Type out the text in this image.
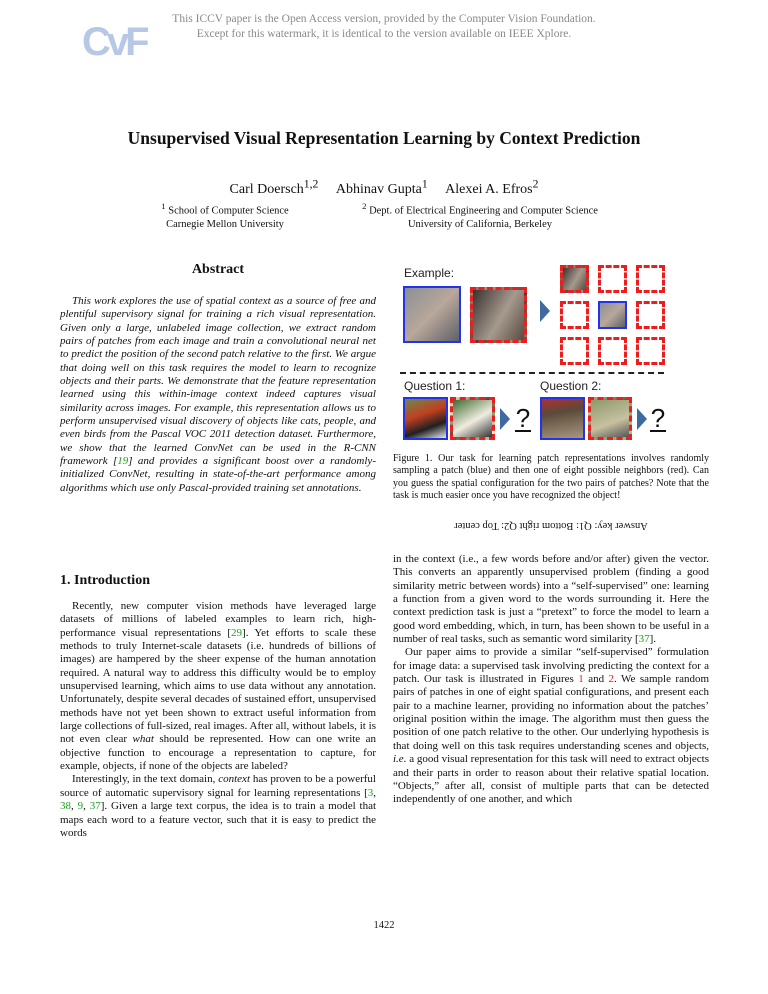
CvF
This ICCV paper is the Open Access version, provided by the Computer Vision Foundation.
Except for this watermark, it is identical to the version available on IEEE Xplore.
Unsupervised Visual Representation Learning by Context Prediction
Carl Doersch$^{1,2}$ Abhinav Gupta$^1$ Alexei A. Efros$^2$
$^1$ School of Computer Science
Carnegie Mellon University
$^2$ Dept. of Electrical Engineering and Computer Science
University of California, Berkeley
Abstract

This work explores the use of spatial context as a source of free and plentiful supervisory signal for training a rich visual representation. Given only a large, unlabeled image collection, we extract random pairs of patches from each image and train a convolutional neural net to predict the position of the second patch relative to the first. We argue that doing well on this task requires the model to learn to recognize objects and their parts. We demonstrate that the feature representation learned using this within-image context indeed captures visual similarity across images. For example, this representation allows us to perform unsupervised visual discovery of objects like cats, people, and even birds from the Pascal VOC 2011 detection dataset. Furthermore, we show that the learned ConvNet can be used in the R-CNN framework [19] and provides a significant boost over a randomly-initialized ConvNet, resulting in state-of-the-art performance among algorithms which use only Pascal-provided training set annotations.

1. Introduction

Recently, new computer vision methods have leveraged large datasets of millions of labeled examples to learn rich, high-performance visual representations [29]. Yet efforts to scale these methods to truly Internet-scale datasets (i.e. hundreds of billions of images) are hampered by the sheer expense of the human annotation required. A natural way to address this difficulty would be to employ unsupervised learning, which aims to use data without any annotation. Unfortunately, despite several decades of sustained effort, unsupervised methods have not yet been shown to extract useful information from large collections of full-sized, real images. After all, without labels, it is not even clear what should be represented. How can one write an objective function to encourage a representation to capture, for example, objects, if none of the objects are labeled?

Interestingly, in the text domain, context has proven to be a powerful source of automatic supervisory signal for learning representations [3, 38, 9, 37]. Given a large text corpus, the idea is to train a model that maps each word to a feature vector, such that it is easy to predict the words

Example:
Question 1:	Question 2:
?	?
Figure 1. Our task for learning patch representations involves randomly sampling a patch (blue) and then one of eight possible neighbors (red). Can you guess the spatial configuration for the two pairs of patches? Note that the task is much easier once you have recognized the object!
Answer key: Q1: Bottom right Q2: Top center

in the context (i.e., a few words before and/or after) given the vector. This converts an apparently unsupervised problem (finding a good similarity metric between words) into a “self-supervised” one: learning a function from a given word to the words surrounding it. Here the context prediction task is just a “pretext” to force the model to learn a good word embedding, which, in turn, has been shown to be useful in a number of real tasks, such as semantic word similarity [37].

Our paper aims to provide a similar “self-supervised” formulation for image data: a supervised task involving predicting the context for a patch. Our task is illustrated in Figures 1 and 2. We sample random pairs of patches in one of eight spatial configurations, and present each pair to a machine learner, providing no information about the patches’ original position within the image. The algorithm must then guess the position of one patch relative to the other. Our underlying hypothesis is that doing well on this task requires understanding scenes and objects, i.e. a good visual representation for this task will need to extract objects and their parts in order to reason about their relative spatial location. “Objects,” after all, consist of multiple parts that can be detected independently of one another, and which

1422
